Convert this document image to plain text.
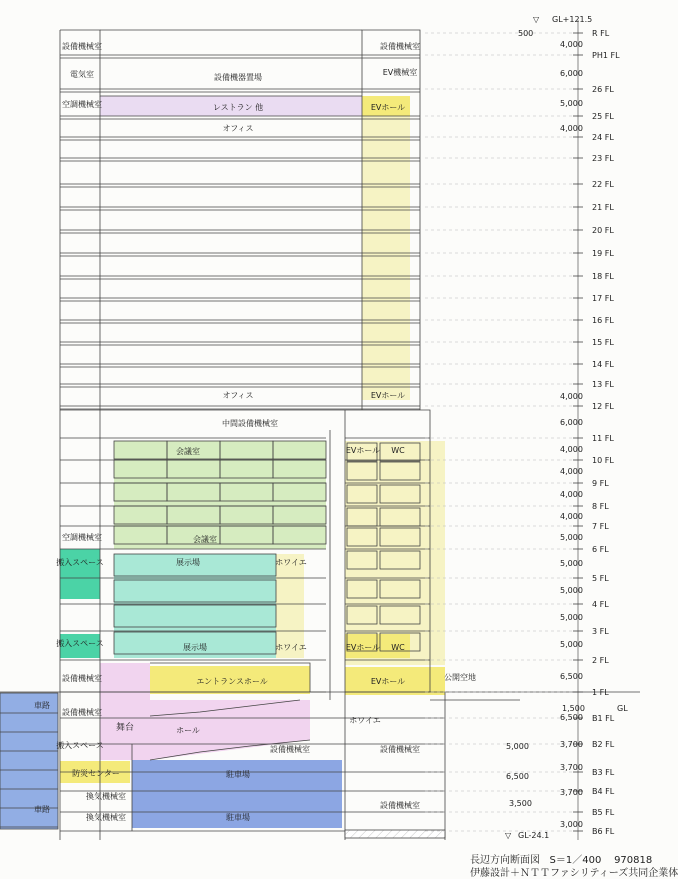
R FL
PH1 FL
26 FL
25 FL
24 FL
23 FL
22 FL
21 FL
20 FL
19 FL
18 FL
17 FL
16 FL
15 FL
14 FL
13 FL
12 FL
11 FL
10 FL
9 FL
8 FL
7 FL
6 FL
5 FL
4 FL
3 FL
2 FL
1 FL
B1 FL
B2 FL
B3 FL
B4 FL
B5 FL
B6 FL
4,000
6,000
5,000
4,000
4,000
6,000
4,000
4,000
4,000
4,000
5,000
5,000
5,000
5,000
5,000
6,500
6,500
3,700
3,700
3,700
3,000
1,500
5,000
6,500
3,500
設備機械室	設備機械室
電気室	設備機器置場
EV機械室
空調機械室	レストラン 他	EVホール
オフィス
オフィス	EVホール
中間設備機械室
会議室	EVホール WC
空調機械室	会議室
搬入スペース	展示場	ホワイエ
搬入スペース	展示場	ホワイエ	EVホール WC
設備機械室	エントランスホール	EVホール	公開空地
車路
設備機械室
舞台	ホール
ホワイエ
搬入スペース	設備機械室	設備機械室
防災センター	駐車場
換気機械室
車路	設備機械室
換気機械室	駐車場
GL+121.5
▽
500
GL
GL-24.1
▽
長辺方向断面図 S＝1／400 970818
伊藤設計＋ＮＴＴファシリティーズ共同企業体
